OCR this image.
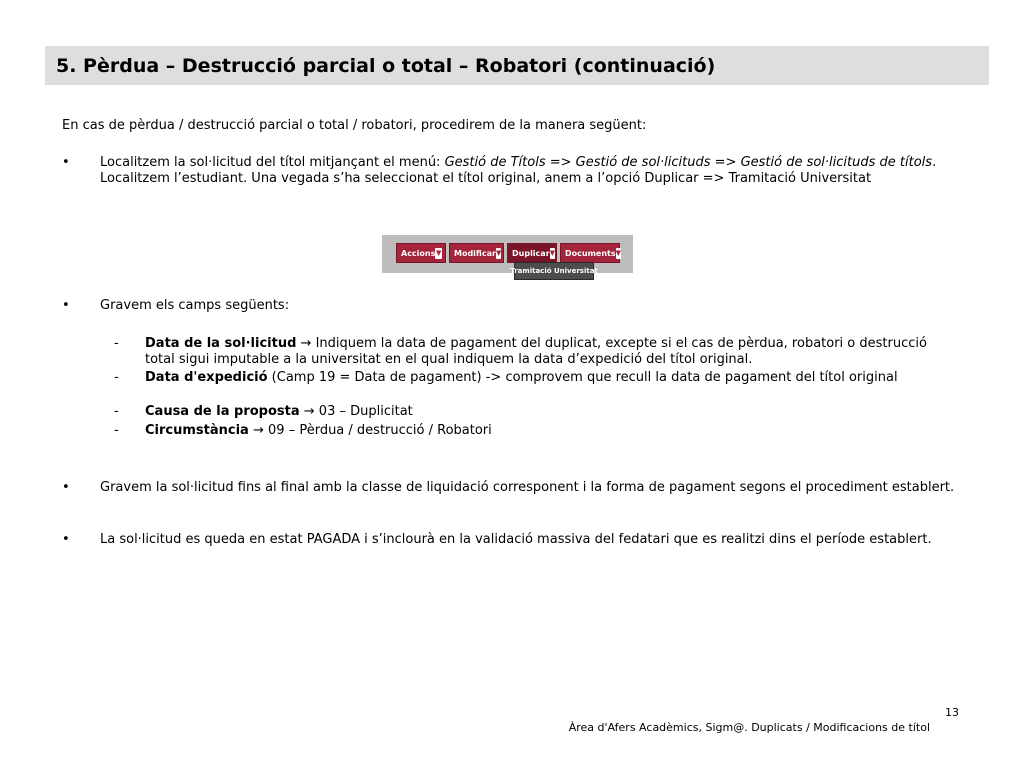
5. Pèrdua – Destrucció parcial o total – Robatori (continuació)
En cas de pèrdua / destrucció parcial o total / robatori, procedirem de la manera següent:
• Localitzem la sol·licitud del títol mitjançant el menú: Gestió de Títols => Gestió de sol·licituds => Gestió de sol·licituds de títols. Localitzem l’estudiant. Una vegada s’ha seleccionat el títol original, anem a l’opció Duplicar => Tramitació Universitat
Accions ▼	Modificar ▼	Duplicar ▼	Documents ▼
Tramitació Universitat
• Gravem els camps següents:
- Data de la sol·licitud → Indiquem la data de pagament del duplicat, excepte si el cas de pèrdua, robatori o destrucció total sigui imputable a la universitat en el qual indiquem la data d’expedició del títol original.
- Data d'expedició (Camp 19 = Data de pagament) -> comprovem que recull la data de pagament del títol original
- Causa de la proposta → 03 – Duplicitat
- Circumstància → 09 – Pèrdua / destrucció / Robatori
• Gravem la sol·licitud fins al final amb la classe de liquidació corresponent i la forma de pagament segons el procediment establert.
• La sol·licitud es queda en estat PAGADA i s’inclourà en la validació massiva del fedatari que es realitzi dins el període establert.
13
Àrea d'Afers Acadèmics, Sigm@. Duplicats / Modificacions de títol
